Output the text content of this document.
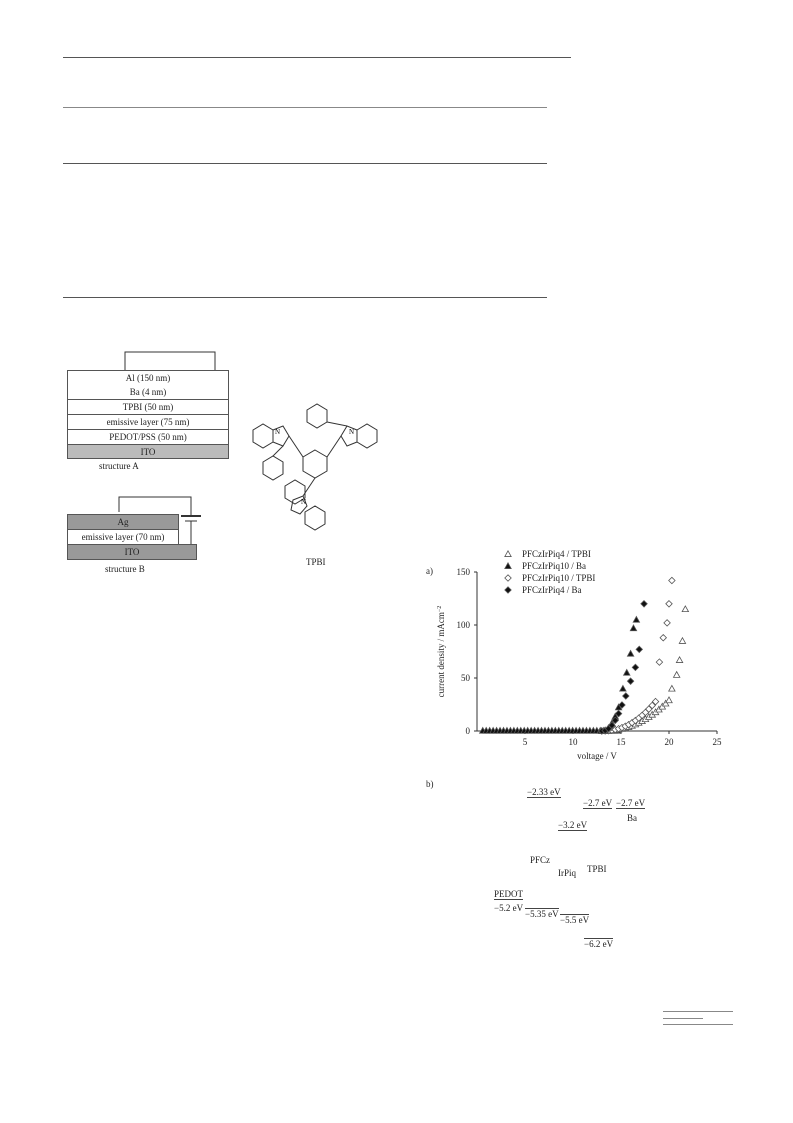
Al (150 nm)
Ba (4 nm)
TPBI (50 nm)
emissive layer (75 nm)
PEDOT/PSS (50 nm)
ITO
structure A
Ag
emissive layer (70 nm)
ITO
structure B
N	N
N
TPBI
a)
5	10	15	20	25
0
50
100
150
voltage / V
current density / mAcm$^{-2}$
PFCzIrPiq4 / TPBI
PFCzIrPiq10 / Ba
PFCzIrPiq10 / TPBI
PFCzIrPiq4 / Ba
b)
−2.33 eV
−2.7 eV −2.7 eV
Ba
−3.2 eV
PFCz
IrPiq TPBI
PEDOT
−5.2 eV
−5.35 eV
−5.5 eV
−6.2 eV
